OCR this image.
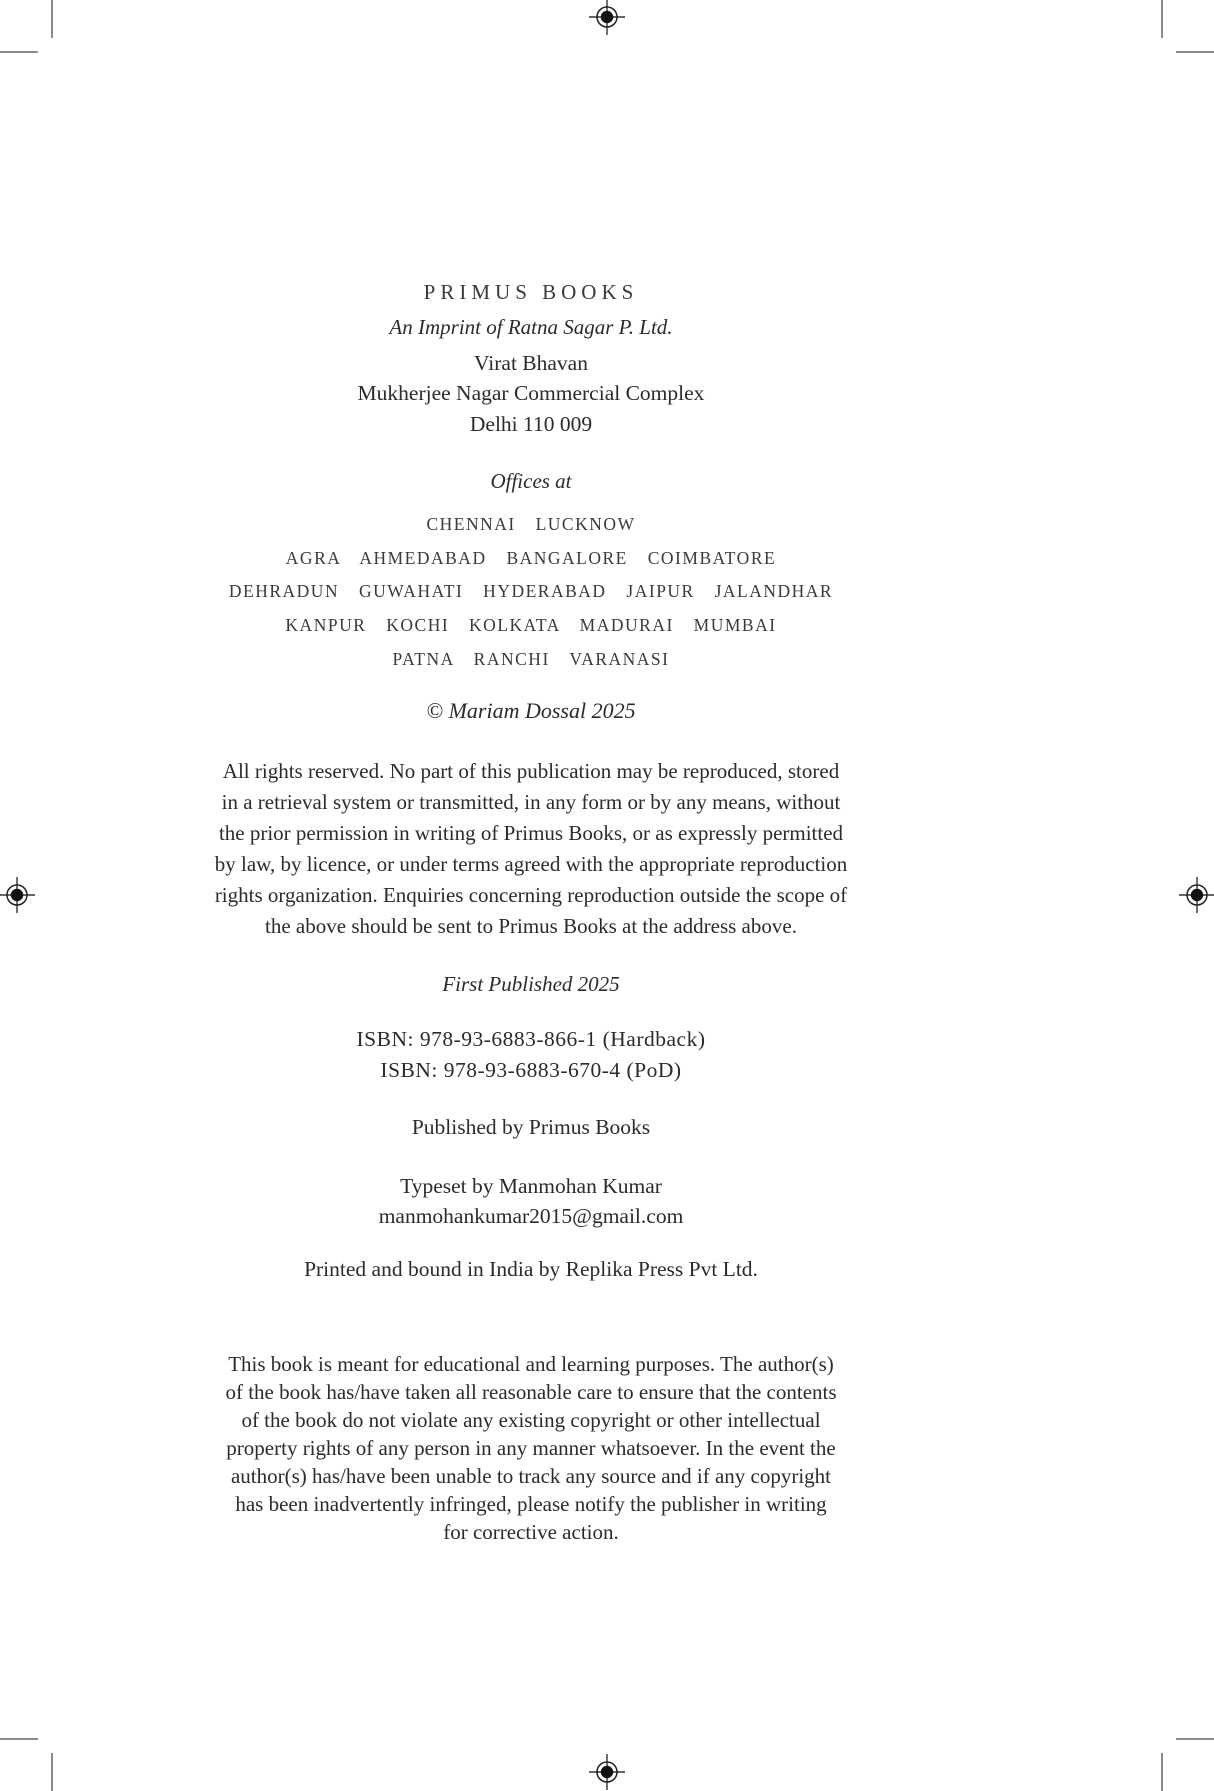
PRIMUS BOOKS
An Imprint of Ratna Sagar P. Ltd.
Virat Bhavan
Mukherjee Nagar Commercial Complex
Delhi 110 009
Offices at
CHENNAI LUCKNOW
AGRA AHMEDABAD BANGALORE COIMBATORE
DEHRADUN GUWAHATI HYDERABAD JAIPUR JALANDHAR
KANPUR KOCHI KOLKATA MADURAI MUMBAI
PATNA RANCHI VARANASI
© Mariam Dossal 2025
All rights reserved. No part of this publication may be reproduced, stored
in a retrieval system or transmitted, in any form or by any means, without
the prior permission in writing of Primus Books, or as expressly permitted
by law, by licence, or under terms agreed with the appropriate reproduction
rights organization. Enquiries concerning reproduction outside the scope of
the above should be sent to Primus Books at the address above.
First Published 2025
ISBN: 978-93-6883-866-1 (Hardback)
ISBN: 978-93-6883-670-4 (PoD)
Published by Primus Books
Typeset by Manmohan Kumar
manmohankumar2015@gmail.com
Printed and bound in India by Replika Press Pvt Ltd.
This book is meant for educational and learning purposes. The author(s)
of the book has/have taken all reasonable care to ensure that the contents
of the book do not violate any existing copyright or other intellectual
property rights of any person in any manner whatsoever. In the event the
author(s) has/have been unable to track any source and if any copyright
has been inadvertently infringed, please notify the publisher in writing
for corrective action.
